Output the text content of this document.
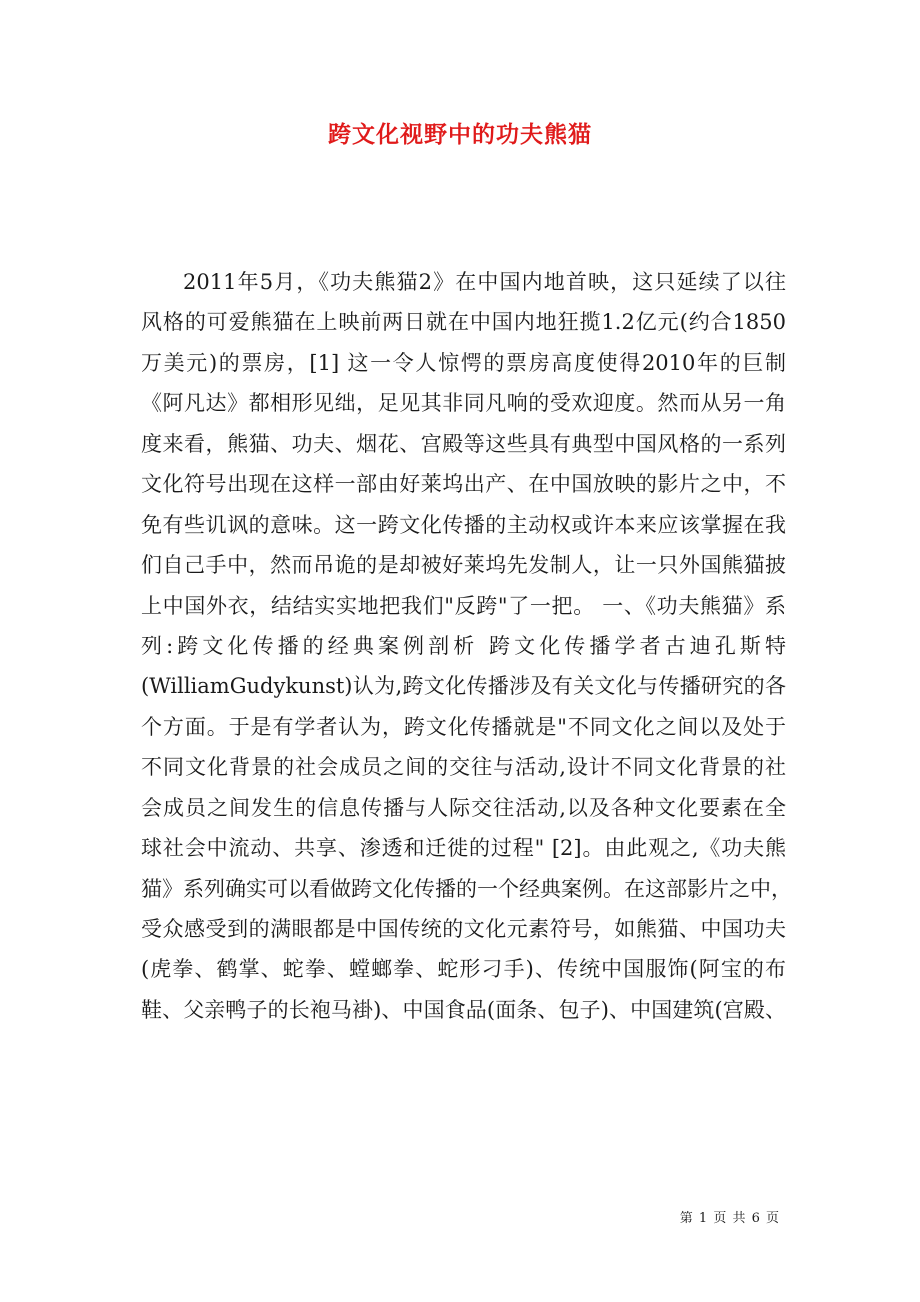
跨文化视野中的功夫熊猫
2011年5月，《功夫熊猫2》在中国内地首映，这只延续了以往
风格的可爱熊猫在上映前两日就在中国内地狂揽1.2亿元(约合1850
万美元)的票房，[1] 这一令人惊愕的票房高度使得2010年的巨制
《阿凡达》都相形见绌，足见其非同凡响的受欢迎度。然而从另一角
度来看，熊猫、功夫、烟花、宫殿等这些具有典型中国风格的一系列
文化符号出现在这样一部由好莱坞出产、在中国放映的影片之中，不
免有些讥讽的意味。这一跨文化传播的主动权或许本来应该掌握在我
们自己手中，然而吊诡的是却被好莱坞先发制人，让一只外国熊猫披
上中国外衣，结结实实地把我们"反跨"了一把。 一、《功夫熊猫》系
列:跨文化传播的经典案例剖析 跨文化传播学者古迪孔斯特
(WilliamGudykunst)认为,跨文化传播涉及有关文化与传播研究的各
个方面。于是有学者认为，跨文化传播就是"不同文化之间以及处于
不同文化背景的社会成员之间的交往与活动,设计不同文化背景的社
会成员之间发生的信息传播与人际交往活动,以及各种文化要素在全
球社会中流动、共享、渗透和迁徙的过程" [2]。由此观之,《功夫熊
猫》系列确实可以看做跨文化传播的一个经典案例。在这部影片之中，
受众感受到的满眼都是中国传统的文化元素符号，如熊猫、中国功夫
(虎拳、鹤掌、蛇拳、螳螂拳、蛇形刁手)、传统中国服饰(阿宝的布
鞋、父亲鸭子的长袍马褂)、中国食品(面条、包子)、中国建筑(宫殿、
第 1 页 共 6 页
